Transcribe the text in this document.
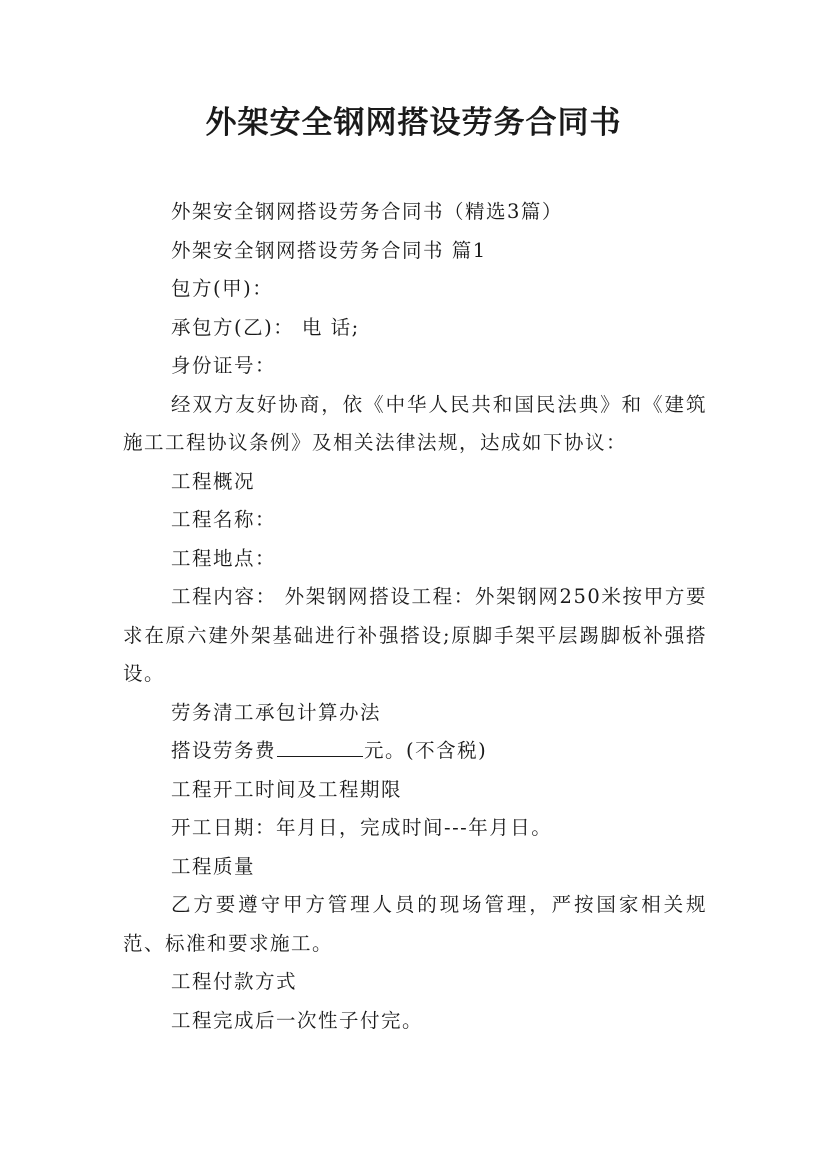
外架安全钢网搭设劳务合同书

外架安全钢网搭设劳务合同书（精选3篇）

外架安全钢网搭设劳务合同书 篇1

包方(甲)：

承包方(乙)： 电 话;

身份证号：

经双方友好协商，依《中华人民共和国民法典》和《建筑施工工程协议条例》及相关法律法规，达成如下协议：

工程概况

工程名称：

工程地点：

工程内容： 外架钢网搭设工程：外架钢网250米按甲方要求在原六建外架基础进行补强搭设;原脚手架平层踢脚板补强搭设。

劳务清工承包计算办法

搭设劳务费	元。(不含税)

工程开工时间及工程期限

开工日期：年月日，完成时间---年月日。

工程质量

乙方要遵守甲方管理人员的现场管理，严按国家相关规范、标准和要求施工。

工程付款方式

工程完成后一次性子付完。
